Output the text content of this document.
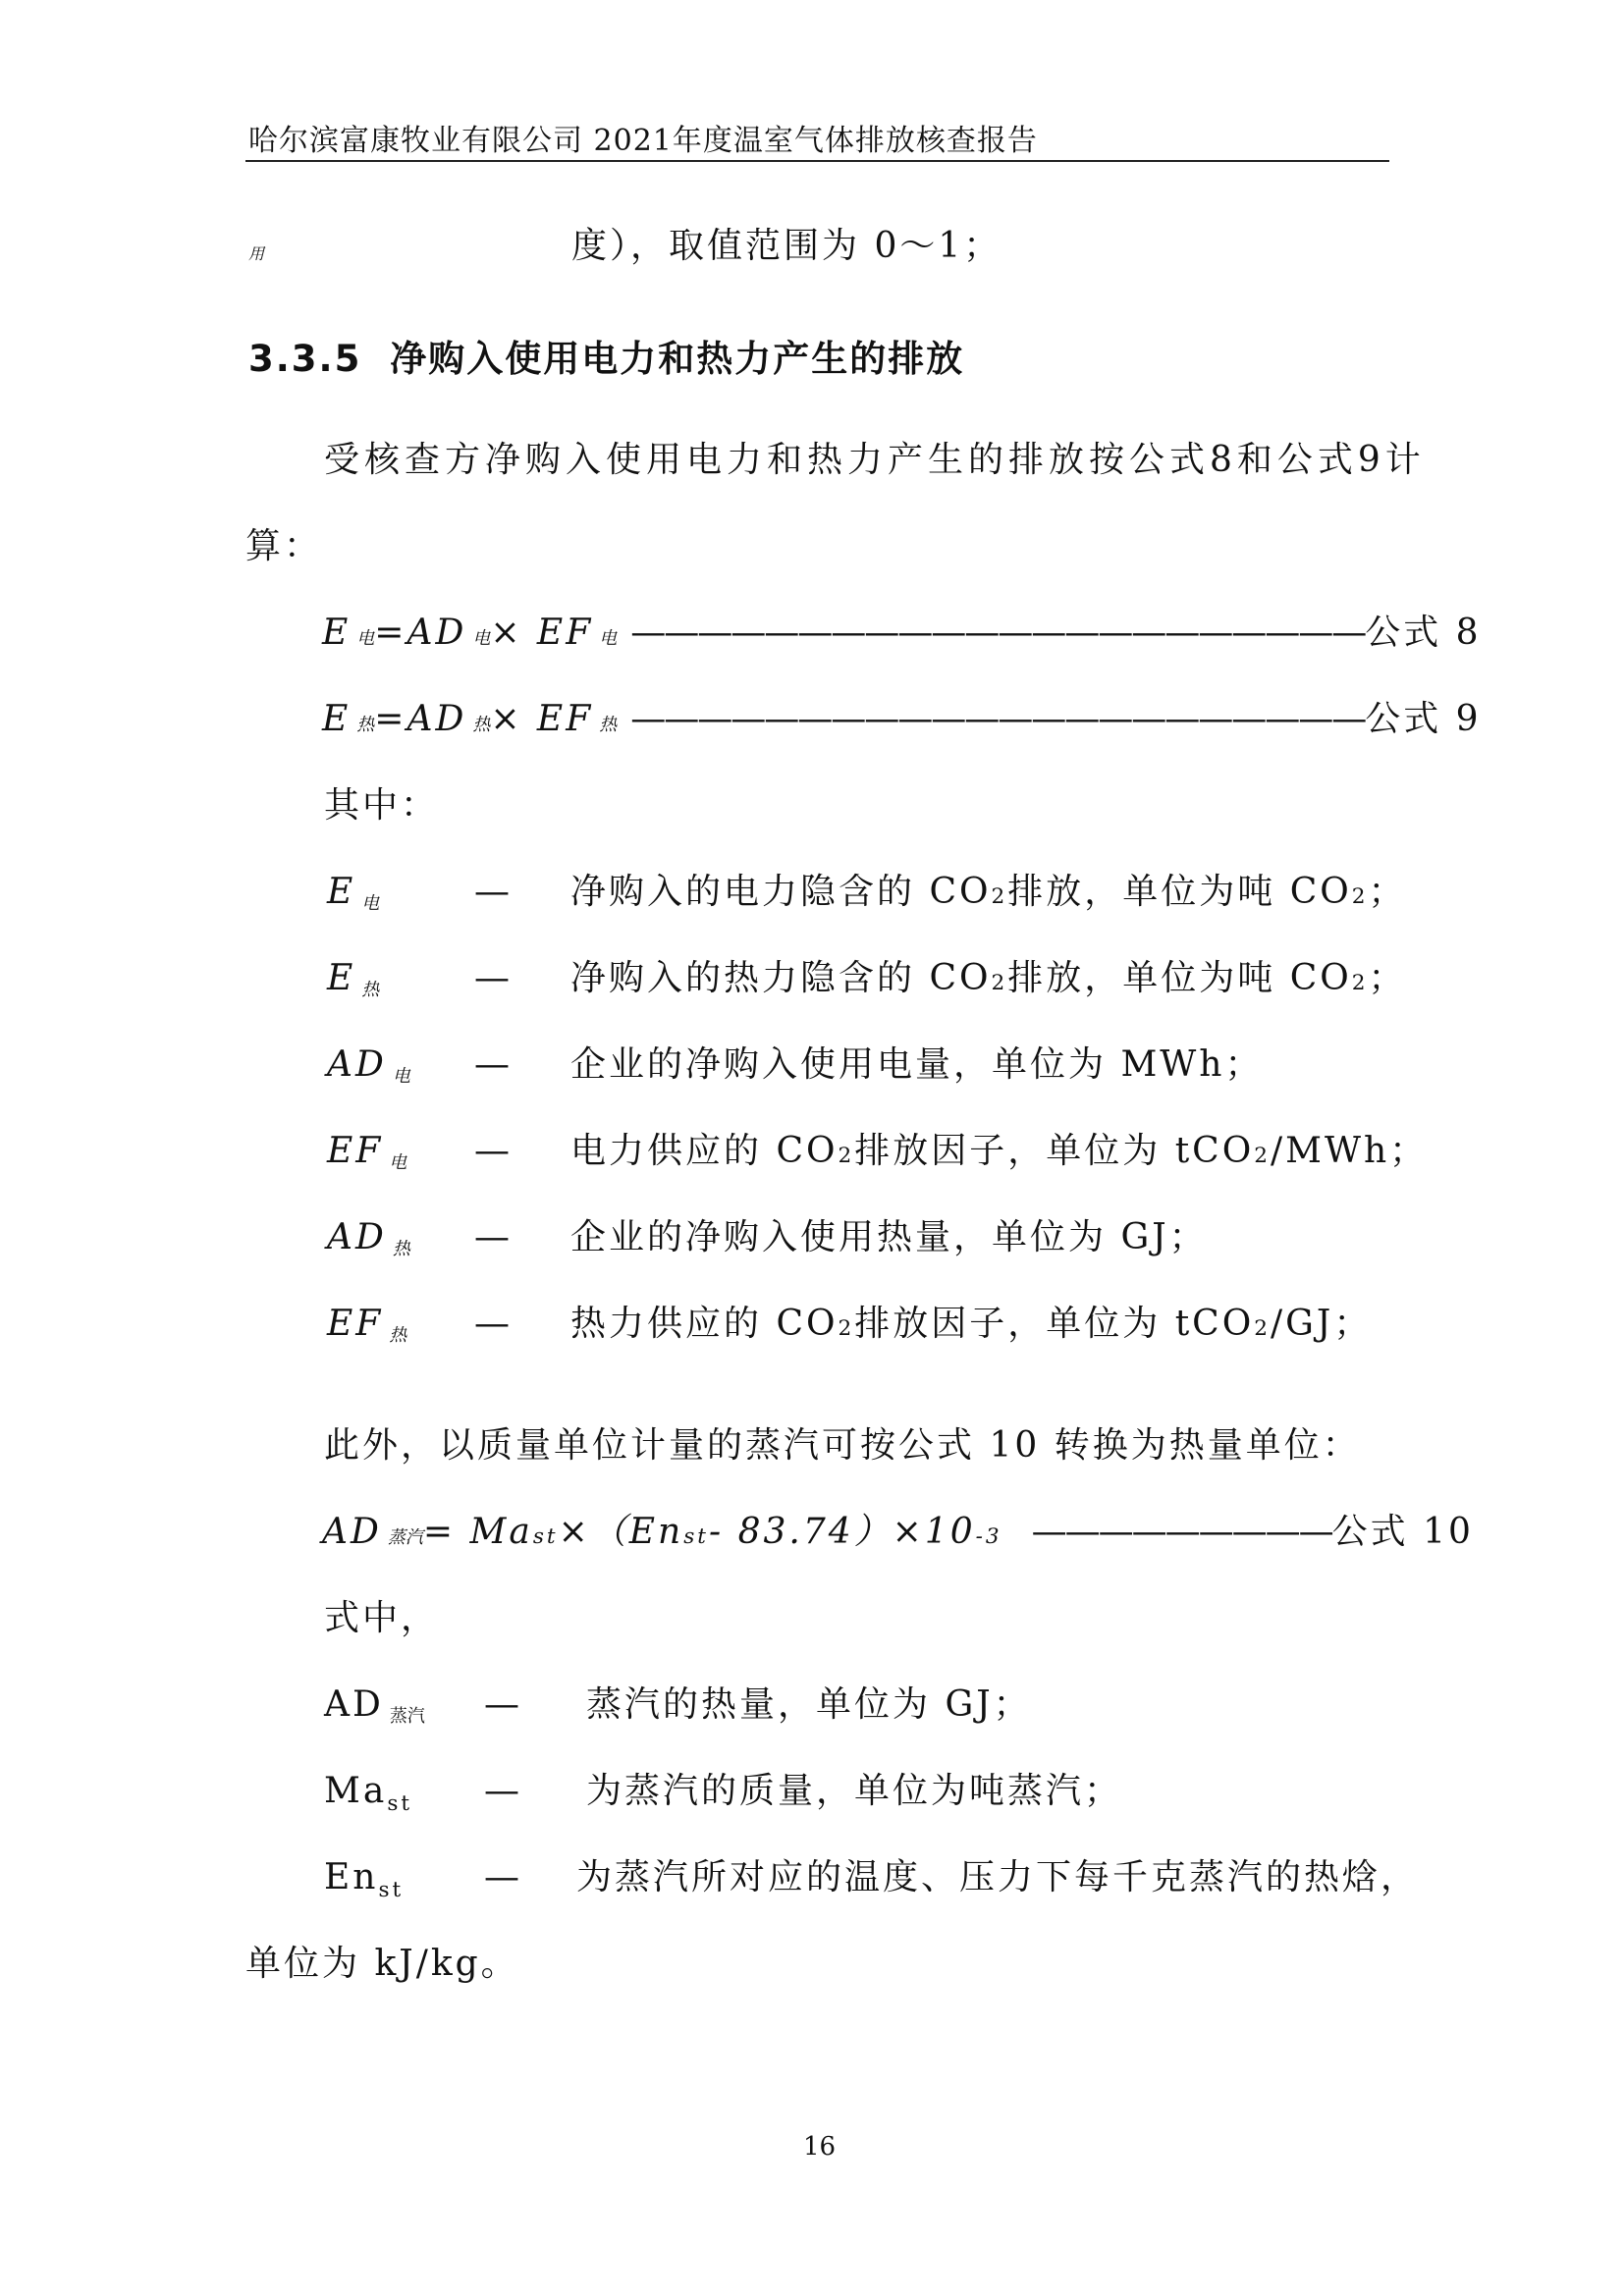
哈尔滨富康牧业有限公司 2021年度温室气体排放核查报告
用	度），取值范围为 0～1；
3.3.5 净购入使用电力和热力产生的排放
受核查方净购入使用电力和热力产生的排放按公式8和公式9计
算：
E 电 =AD 电 × EF 电 —————————————————————— 公式 8
E 热 =AD 热 × EF 热 —————————————————————— 公式 9
其中：
E $_电$	—	净购入的电力隐含的 $CO_2$ 排放，单位为吨 $CO_2$ ；
E $_热$	—	净购入的热力隐含的 $CO_2$ 排放，单位为吨 $CO_2$ ；
AD $_电$	—	企业的净购入使用电量，单位为 MWh；
EF $_电$	—	电力供应的 $CO_2$ 排放因子，单位为 tCO$_2$ /MWh；
AD $_热$	—	企业的净购入使用热量，单位为 GJ；
EF $_热$	—	热力供应的 $CO_2$ 排放因子，单位为 tCO$_2$ /GJ；
此外，以质量单位计量的蒸汽可按公式 10 转换为热量单位：
AD 蒸汽 = Ma st $\times(En_{st} - 83.74)\times 10_{-3}$ ————————— 公式 10
式中，
AD $_{蒸汽}$	—	蒸汽的热量，单位为 GJ；
$Ma_{st}$	—	为蒸汽的质量，单位为吨蒸汽；
$En_{st}$	—	为蒸汽所对应的温度、压力下每千克蒸汽的热焓，
单位为 kJ/kg。
16
